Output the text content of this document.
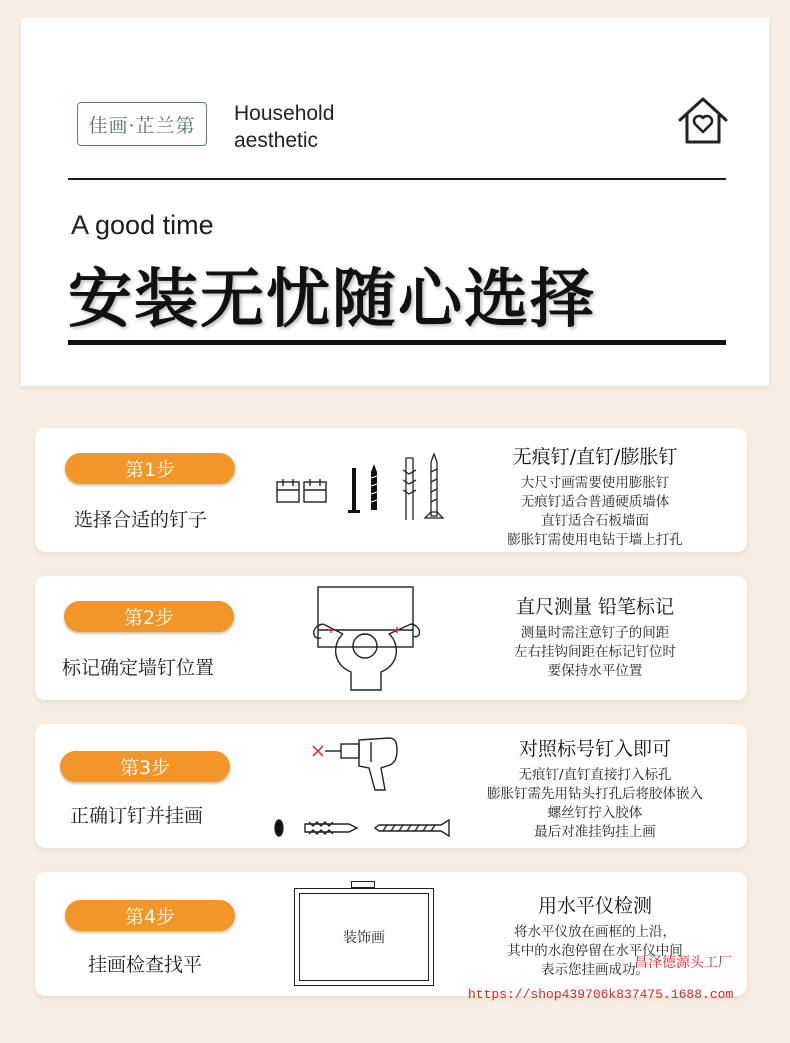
佳画·芷兰第
Household
aesthetic
A good time
安装无忧随心选择
第1步
选择合适的钉子
无痕钉/直钉/膨胀钉
大尺寸画需要使用膨胀钉
无痕钉适合普通硬质墙体
直钉适合石板墙面
膨胀钉需使用电钻于墙上打孔
第2步
标记确定墙钉位置
直尺测量 铅笔标记
测量时需注意钉子的间距
左右挂钩间距在标记钉位时
要保持水平位置
第3步
正确订钉并挂画
对照标号钉入即可
无痕钉/直钉直接打入标孔
膨胀钉需先用钻头打孔后将胶体嵌入
螺丝钉拧入胶体
最后对准挂钩挂上画
第4步
挂画检查找平
装饰画
用水平仪检测
将水平仪放在画框的上沿，
其中的水泡停留在水平仪中间
表示您挂画成功。
昌泽德源头工厂
https://shop439706k837475.1688.com
